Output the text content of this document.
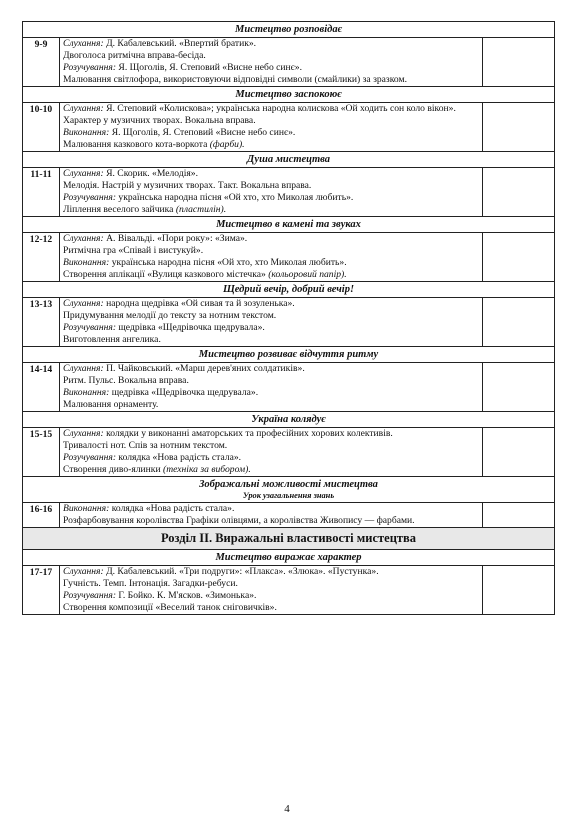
Мистецтво розповідає		
9-9	Слухання: Д. Кабалевський. «Впертий братик».
Двоголоса ритмічна вправа-бесіда.
Розучування: Я. Щоголів, Я. Степовий «Висне небо синє».
Малювання світлофора, використовуючи відповідні символи (смайлики) за зразком.	

Мистецтво заспокоює		
10-10	Слухання: Я. Степовий «Колискова»; українська народна колискова «Ой ходить сон коло вікон».
Характер у музичних творах. Вокальна вправа.
Виконання: Я. Щоголів, Я. Степовий «Висне небо синє».
Малювання казкового кота-воркота (фарби).	

Душа мистецтва		
11-11	Слухання: Я. Скорик. «Мелодія».
Мелодія. Настрій у музичних творах. Такт. Вокальна вправа.
Розучування: українська народна пісня «Ой хто, хто Миколая любить».
Ліплення веселого зайчика (пластилін).	

Мистецтво в камені та звуках		
12-12	Слухання: А. Вівальді. «Пори року»: «Зима».
Ритмічна гра «Співай і вистукуй».
Виконання: українська народна пісня «Ой хто, хто Миколая любить».
Створення аплікації «Вулиця казкового містечка» (кольоровий папір).	

Щедрий вечір, добрий вечір!		
13-13	Слухання: народна щедрівка «Ой сивая та й зозуленька».
Придумування мелодії до тексту за нотним текстом.
Розучування: щедрівка «Щедрівочка щедрувала».
Виготовлення ангелика.	

Мистецтво розвиває відчуття ритму		
14-14	Слухання: П. Чайковський. «Марш дерев'яних солдатиків».
Ритм. Пульс. Вокальна вправа.
Виконання: щедрівка «Щедрівочка щедрувала».
Малювання орнаменту.	

Україна колядує		
15-15	Слухання: колядки у виконанні аматорських та професійних хорових колективів.
Тривалості нот. Спів за нотним текстом.
Розучування: колядка «Нова радість стала».
Створення диво-ялинки (техніка за вибором).	

Зображальні можливості мистецтва
Урок узагальнення знань		

16-16	Виконання: колядка «Нова радість стала».
Розфарбовування королівства Графіки олівцями, а королівства Живопису — фарбами.	

Розділ II. Виражальні властивості мистецтва		
Мистецтво виражає характер		
17-17	Слухання: Д. Кабалевський. «Три подруги»: «Плакса». «Злюка». «Пустунка».
Гучність. Темп. Інтонація. Загадки-ребуси.
Розучування: Г. Бойко. К. М'ясков. «Зимонька».
Створення композиції «Веселий танок сніговичків».	

4
